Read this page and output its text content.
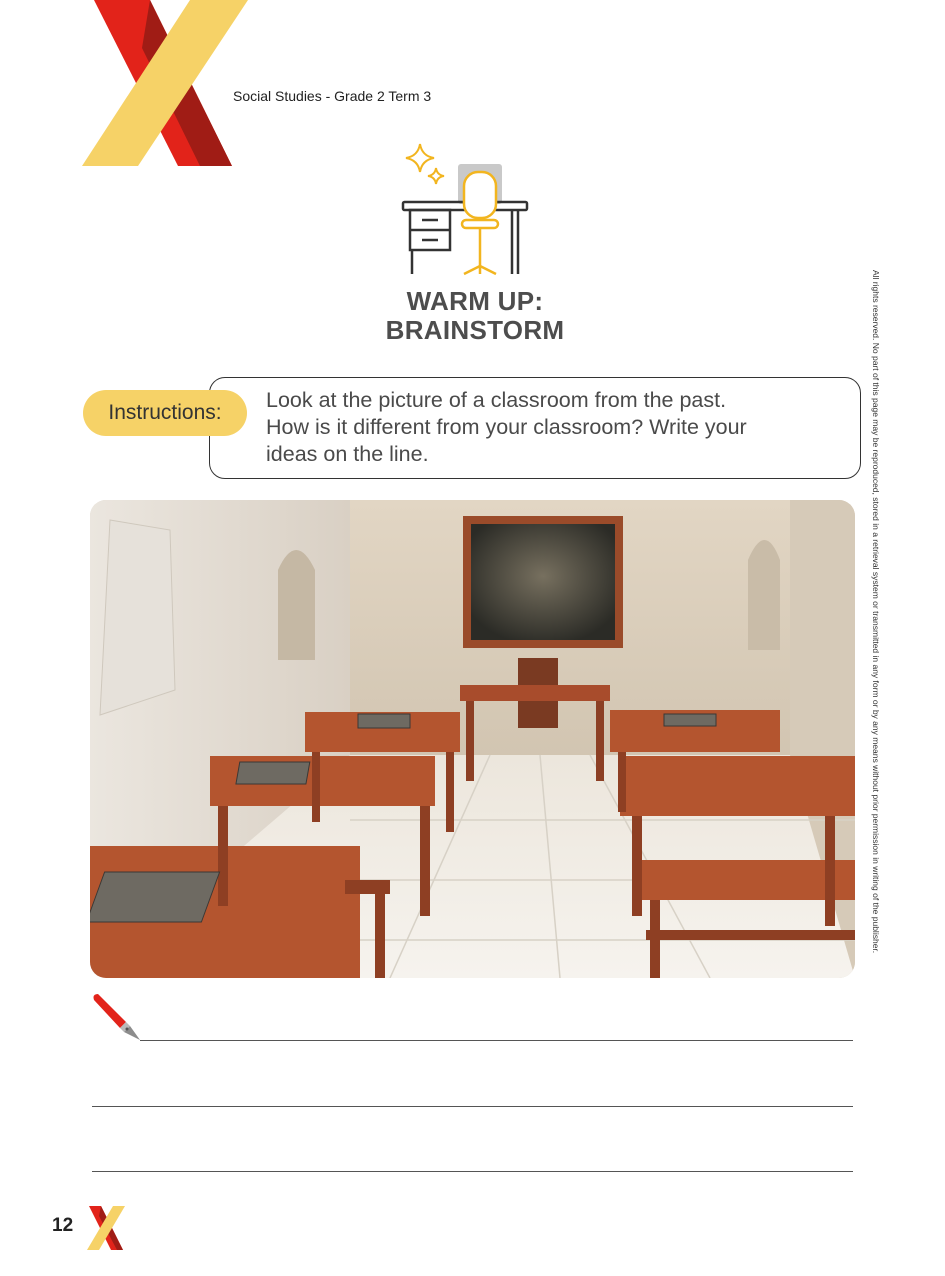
Social Studies - Grade 2 Term 3
WARM UP:
BRAINSTORM
Instructions:
Look at the picture of a classroom from the past.
How is it different from your classroom? Write your
ideas on the line.	All rights reserved. No part of this page may be reproduced, stored in a retrieval system or transmitted in any form or by any means without prior permission in writing of the publisher.
12
